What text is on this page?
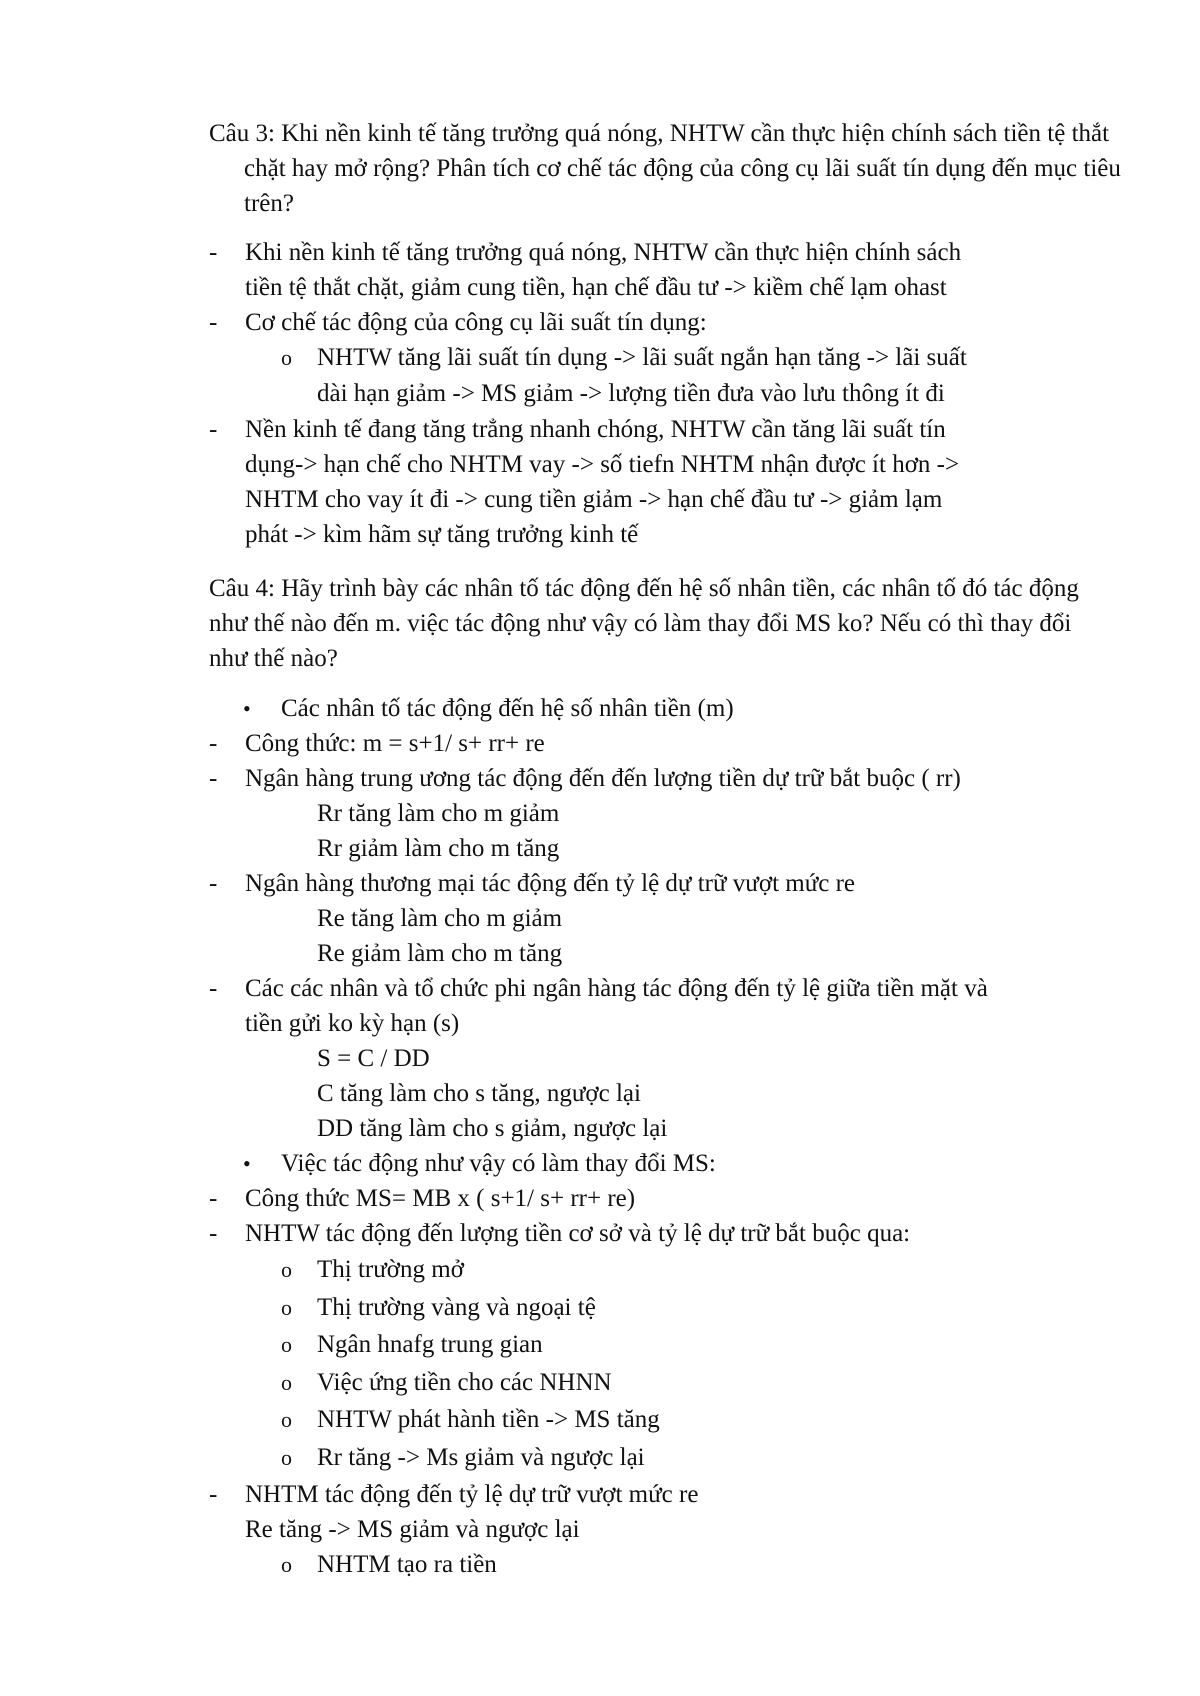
Câu 3: Khi nền kinh tế tăng trưởng quá nóng, NHTW cần thực hiện chính sách tiền tệ thắt chặt hay mở rộng? Phân tích cơ chế tác động của công cụ lãi suất tín dụng đến mục tiêu trên?
- Khi nền kinh tế tăng trưởng quá nóng, NHTW cần thực hiện chính sách
tiền tệ thắt chặt, giảm cung tiền, hạn chế đầu tư -> kiềm chế lạm ohast
- Cơ chế tác động của công cụ lãi suất tín dụng:
o NHTW tăng lãi suất tín dụng -> lãi suất ngắn hạn tăng -> lãi suất
dài hạn giảm -> MS giảm -> lượng tiền đưa vào lưu thông ít đi
- Nền kinh tế đang tăng trẳng nhanh chóng, NHTW cần tăng lãi suất tín
dụng-> hạn chế cho NHTM vay -> số tiefn NHTM nhận được ít hơn ->
NHTM cho vay ít đi -> cung tiền giảm -> hạn chế đầu tư -> giảm lạm
phát -> kìm hãm sự tăng trưởng kinh tế
Câu 4: Hãy trình bày các nhân tố tác động đến hệ số nhân tiền, các nhân tố đó tác động như thế nào đến m. việc tác động như vậy có làm thay đổi MS ko? Nếu có thì thay đổi như thế nào?
• Các nhân tố tác động đến hệ số nhân tiền (m)
- Công thức: m = s+1/ s+ rr+ re
- Ngân hàng trung ương tác động đến đến lượng tiền dự trữ bắt buộc ( rr)
Rr tăng làm cho m giảm
Rr giảm làm cho m tăng
- Ngân hàng thương mại tác động đến tỷ lệ dự trữ vượt mức re
Re tăng làm cho m giảm
Re giảm làm cho m tăng
- Các các nhân và tổ chức phi ngân hàng tác động đến tỷ lệ giữa tiền mặt và
tiền gửi ko kỳ hạn (s)
S = C / DD
C tăng làm cho s tăng, ngược lại
DD tăng làm cho s giảm, ngược lại
• Việc tác động như vậy có làm thay đổi MS:
- Công thức MS= MB x ( s+1/ s+ rr+ re)
- NHTW tác động đến lượng tiền cơ sở và tỷ lệ dự trữ bắt buộc qua:
o Thị trường mở
o Thị trường vàng và ngoại tệ
o Ngân hnafg trung gian
o Việc ứng tiền cho các NHNN
o NHTW phát hành tiền -> MS tăng
o Rr tăng -> Ms giảm và ngược lại
- NHTM tác động đến tỷ lệ dự trữ vượt mức re
Re tăng -> MS giảm và ngược lại
o NHTM tạo ra tiền
